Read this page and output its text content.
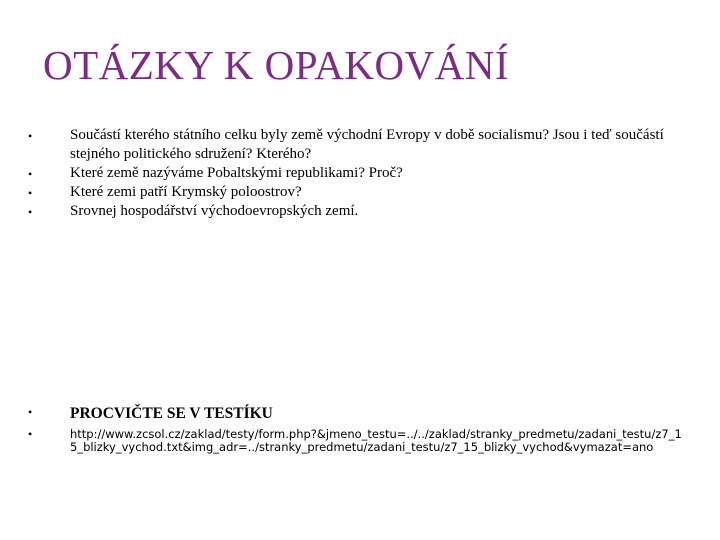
OTÁZKY K OPAKOVÁNÍ
•	Součástí kterého státního celku byly země východní Evropy v době socialismu? Jsou i teď součástí stejného politického sdružení? Kterého?
•	Které země nazýváme Pobaltskými republikami? Proč?
•	Které zemi patří Krymský poloostrov?
•	Srovnej hospodářství východoevropských zemí.
• PROCVIČTE SE V TESTÍKU
•	http://www.zcsol.cz/zaklad/testy/form.php?&jmeno_testu=../../zaklad/stranky_predmetu/zadani_testu/z7_15_blizky_vychod.txt&img_adr=../stranky_predmetu/zadani_testu/z7_15_blizky_vychod&vymazat=ano
